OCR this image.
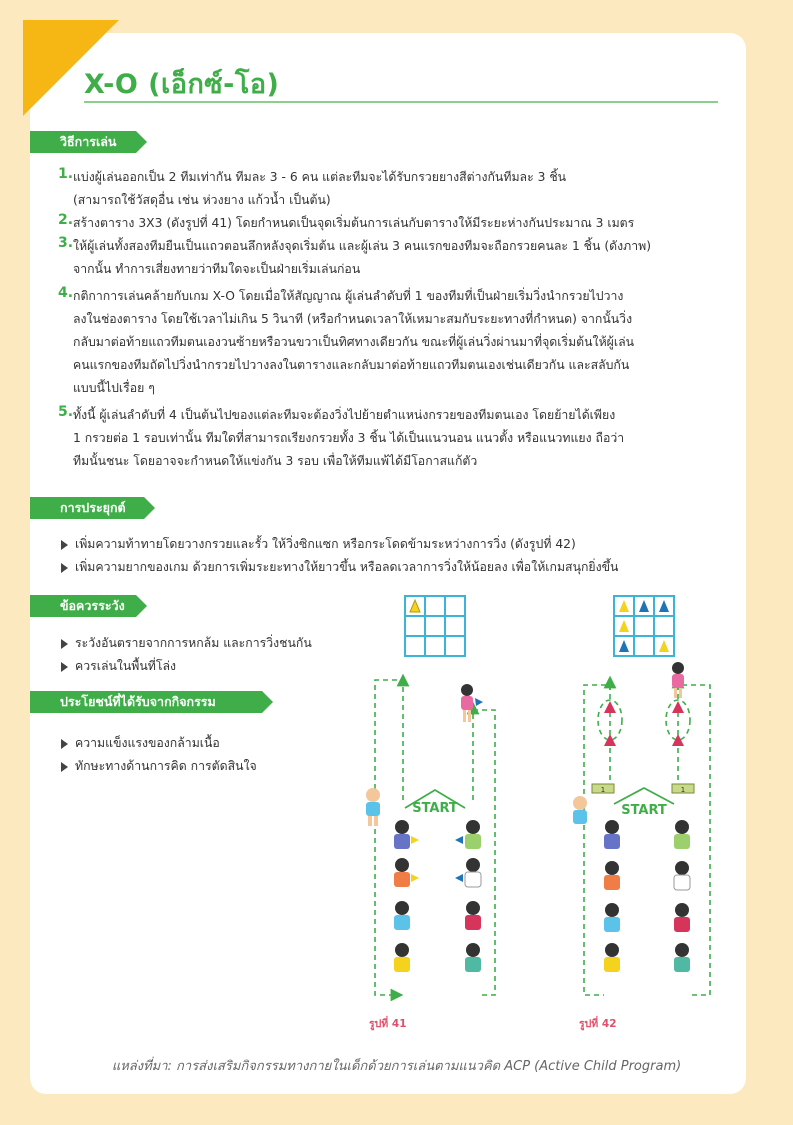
X-O (เอ็กซ์-โอ)
วิธีการเล่น
1. แบ่งผู้เล่นออกเป็น 2 ทีมเท่ากัน ทีมละ 3 - 6 คน แต่ละทีมจะได้รับกรวยยางสีต่างกันทีมละ 3 ชิ้น
(สามารถใช้วัสดุอื่น เช่น ห่วงยาง แก้วน้ำ เป็นต้น)
2. สร้างตาราง 3X3 (ดังรูปที่ 41) โดยกำหนดเป็นจุดเริ่มต้นการเล่นกับตารางให้มีระยะห่างกันประมาณ 3 เมตร
3. ให้ผู้เล่นทั้งสองทีมยืนเป็นแถวตอนลึกหลังจุดเริ่มต้น และผู้เล่น 3 คนแรกของทีมจะถือกรวยคนละ 1 ชิ้น (ดังภาพ)
จากนั้น ทำการเสี่ยงทายว่าทีมใดจะเป็นฝ่ายเริ่มเล่นก่อน
4. กติกาการเล่นคล้ายกับเกม X-O โดยเมื่อให้สัญญาณ ผู้เล่นลำดับที่ 1 ของทีมที่เป็นฝ่ายเริ่มวิ่งนำกรวยไปวาง
ลงในช่องตาราง โดยใช้เวลาไม่เกิน 5 วินาที (หรือกำหนดเวลาให้เหมาะสมกับระยะทางที่กำหนด) จากนั้นวิ่ง
กลับมาต่อท้ายแถวทีมตนเองวนซ้ายหรือวนขวาเป็นทิศทางเดียวกัน ขณะที่ผู้เล่นวิ่งผ่านมาที่จุดเริ่มต้นให้ผู้เล่น
คนแรกของทีมถัดไปวิ่งนำกรวยไปวางลงในตารางและกลับมาต่อท้ายแถวทีมตนเองเช่นเดียวกัน และสลับกัน
แบบนี้ไปเรื่อย ๆ
5. ทั้งนี้ ผู้เล่นลำดับที่ 4 เป็นต้นไปของแต่ละทีมจะต้องวิ่งไปย้ายตำแหน่งกรวยของทีมตนเอง โดยย้ายได้เพียง
1 กรวยต่อ 1 รอบเท่านั้น ทีมใดที่สามารถเรียงกรวยทั้ง 3 ชิ้น ได้เป็นแนวนอน แนวตั้ง หรือแนวทแยง ถือว่า
ทีมนั้นชนะ โดยอาจจะกำหนดให้แข่งกัน 3 รอบ เพื่อให้ทีมแพ้ได้มีโอกาสแก้ตัว
การประยุกต์
เพิ่มความท้าทายโดยวางกรวยและรั้ว ให้วิ่งซิกแซก หรือกระโดดข้ามระหว่างการวิ่ง (ดังรูปที่ 42)
เพิ่มความยากของเกม ด้วยการเพิ่มระยะทางให้ยาวขึ้น หรือลดเวลาการวิ่งให้น้อยลง เพื่อให้เกมสนุกยิ่งขึ้น
ข้อควรระวัง
ระวังอันตรายจากการหกล้ม และการวิ่งชนกัน
ควรเล่นในพื้นที่โล่ง
ประโยชน์ที่ได้รับจากกิจกรรม
ความแข็งแรงของกล้ามเนื้อ
ทักษะทางด้านการคิด การตัดสินใจ
START
รูปที่ 41
1	1
START
รูปที่ 42
แหล่งที่มา: การส่งเสริมกิจกรรมทางกายในเด็กด้วยการเล่นตามแนวคิด ACP (Active Child Program)
